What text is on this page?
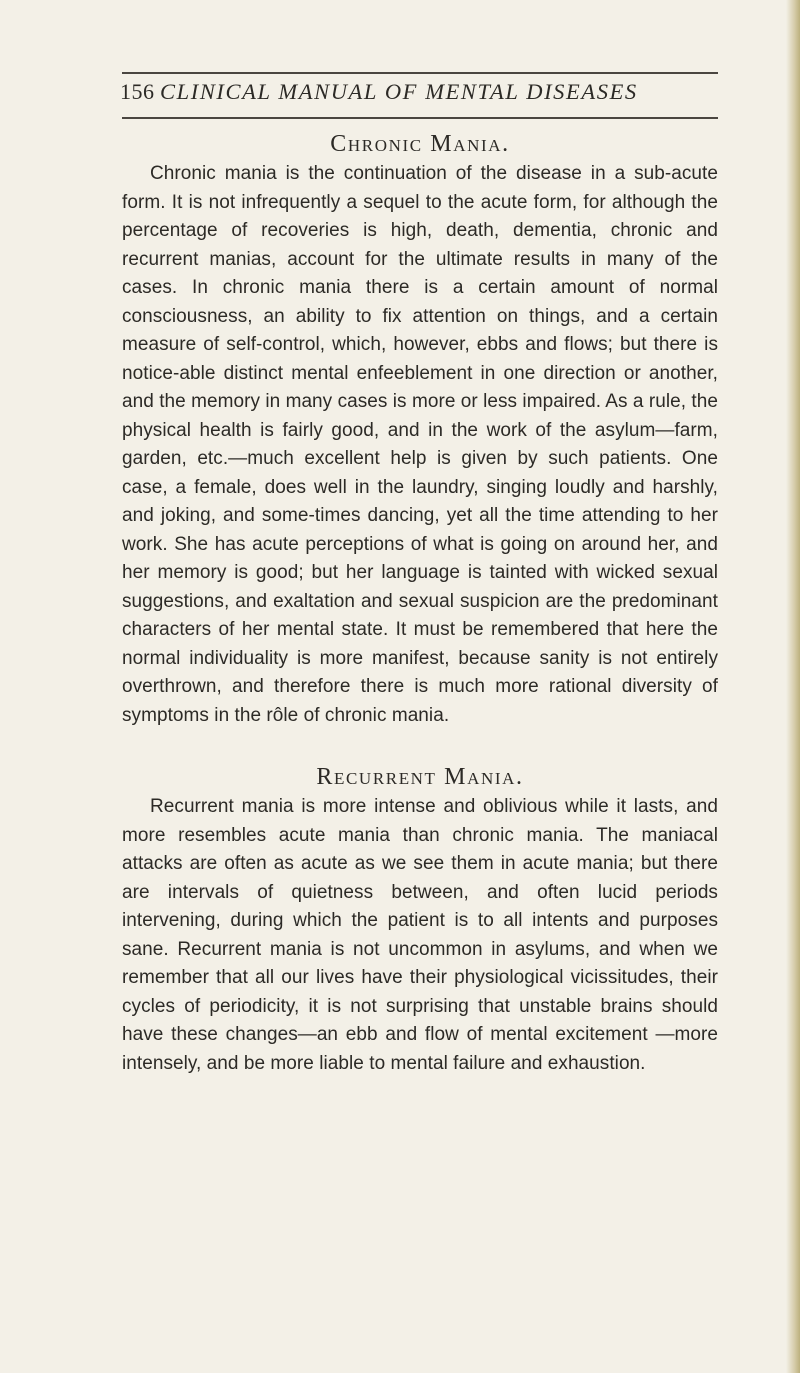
156 CLINICAL MANUAL OF MENTAL DISEASES
Chronic Mania.

Chronic mania is the continuation of the disease in a sub-acute form. It is not infrequently a sequel to the acute form, for although the percentage of recoveries is high, death, dementia, chronic and recurrent manias, account for the ultimate results in many of the cases. In chronic mania there is a certain amount of normal consciousness, an ability to fix attention on things, and a certain measure of self-control, which, however, ebbs and flows; but there is notice-able distinct mental enfeeblement in one direction or another, and the memory in many cases is more or less impaired. As a rule, the physical health is fairly good, and in the work of the asylum—farm, garden, etc.—much excellent help is given by such patients. One case, a female, does well in the laundry, singing loudly and harshly, and joking, and some-times dancing, yet all the time attending to her work. She has acute perceptions of what is going on around her, and her memory is good; but her language is tainted with wicked sexual suggestions, and exaltation and sexual suspicion are the predominant characters of her mental state. It must be remembered that here the normal individuality is more manifest, because sanity is not entirely overthrown, and therefore there is much more rational diversity of symptoms in the rôle of chronic mania.

Recurrent Mania.

Recurrent mania is more intense and oblivious while it lasts, and more resembles acute mania than chronic mania. The maniacal attacks are often as acute as we see them in acute mania; but there are intervals of quietness between, and often lucid periods intervening, during which the patient is to all intents and purposes sane. Recurrent mania is not uncommon in asylums, and when we remember that all our lives have their physiological vicissitudes, their cycles of periodicity, it is not surprising that unstable brains should have these changes—an ebb and flow of mental excitement —more intensely, and be more liable to mental failure and exhaustion.
